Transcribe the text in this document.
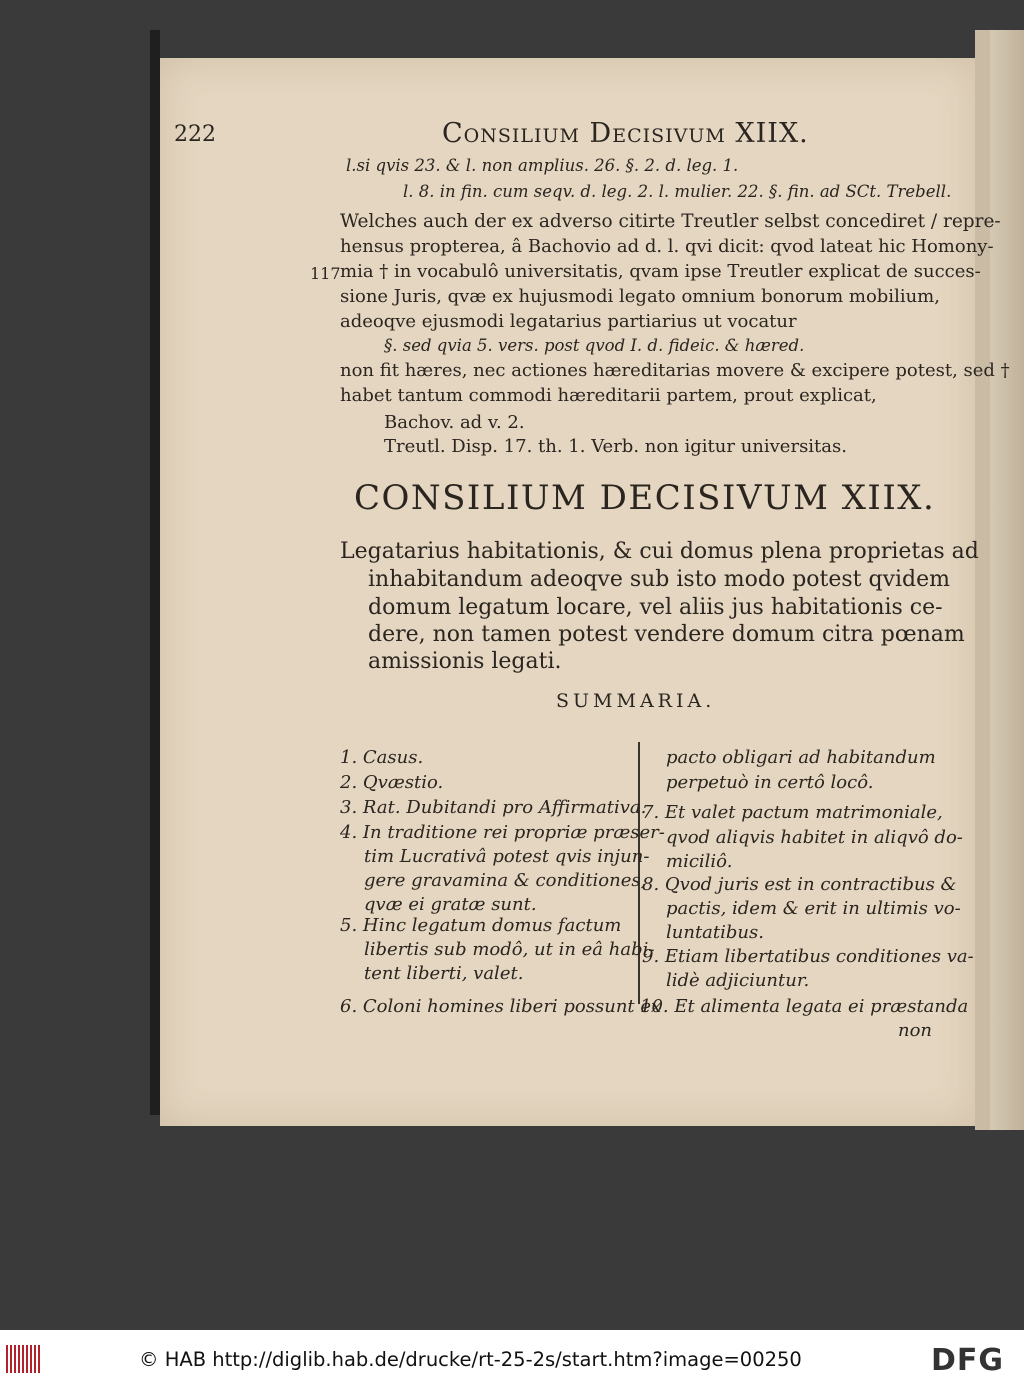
222	Consilium Decisivum XIIX.
l.si qvis 23. & l. non amplius. 26. §. 2. d. leg. 1.
l. 8. in fin. cum seqv. d. leg. 2. l. mulier. 22. §. fin. ad SCt. Trebell.
Welches auch der ex adverso citirte Treutler selbst concediret / repre-
hensus propterea, â Bachovio ad d. l. qvi dicit: qvod lateat hic Homony-
117 mia † in vocabulô universitatis, qvam ipse Treutler explicat de succes-
sione Juris, qvæ ex hujusmodi legato omnium bonorum mobilium,
adeoqve ejusmodi legatarius partiarius ut vocatur
§. sed qvia 5. vers. post qvod I. d. fideic. & hæred.
non fit hæres, nec actiones hæreditarias movere & excipere potest, sed †
habet tantum commodi hæreditarii partem, prout explicat,
Bachov. ad v. 2.
Treutl. Disp. 17. th. 1. Verb. non igitur universitas.
CONSILIUM DECISIVUM XIIX.
Legatarius habitationis, & cui domus plena proprietas ad
inhabitandum adeoqve sub isto modo potest qvidem
domum legatum locare, vel aliis jus habitationis ce-
dere, non tamen potest vendere domum citra pœnam
amissionis legati.
SUMMARIA.
1. Casus.
2. Qvæstio.
3. Rat. Dubitandi pro Affirmativa.
4. In traditione rei propriæ præser-
tim Lucrativâ potest qvis injun-
gere gravamina & conditiones,
qvæ ei gratæ sunt.
5. Hinc legatum domus factum
libertis sub modô, ut in eâ habi-
tent liberti, valet.
6. Coloni homines liberi possunt ex
pacto obligari ad habitandum
perpetuò in certô locô.
7. Et valet pactum matrimoniale,
qvod aliqvis habitet in aliqvô do-
miciliô.
8. Qvod juris est in contractibus &
pactis, idem & erit in ultimis vo-
luntatibus.
9. Etiam libertatibus conditiones va-
lidè adjiciuntur.
10. Et alimenta legata ei præstanda
non
© HAB http://diglib.hab.de/drucke/rt-25-2s/start.htm?image=00250	DFG
